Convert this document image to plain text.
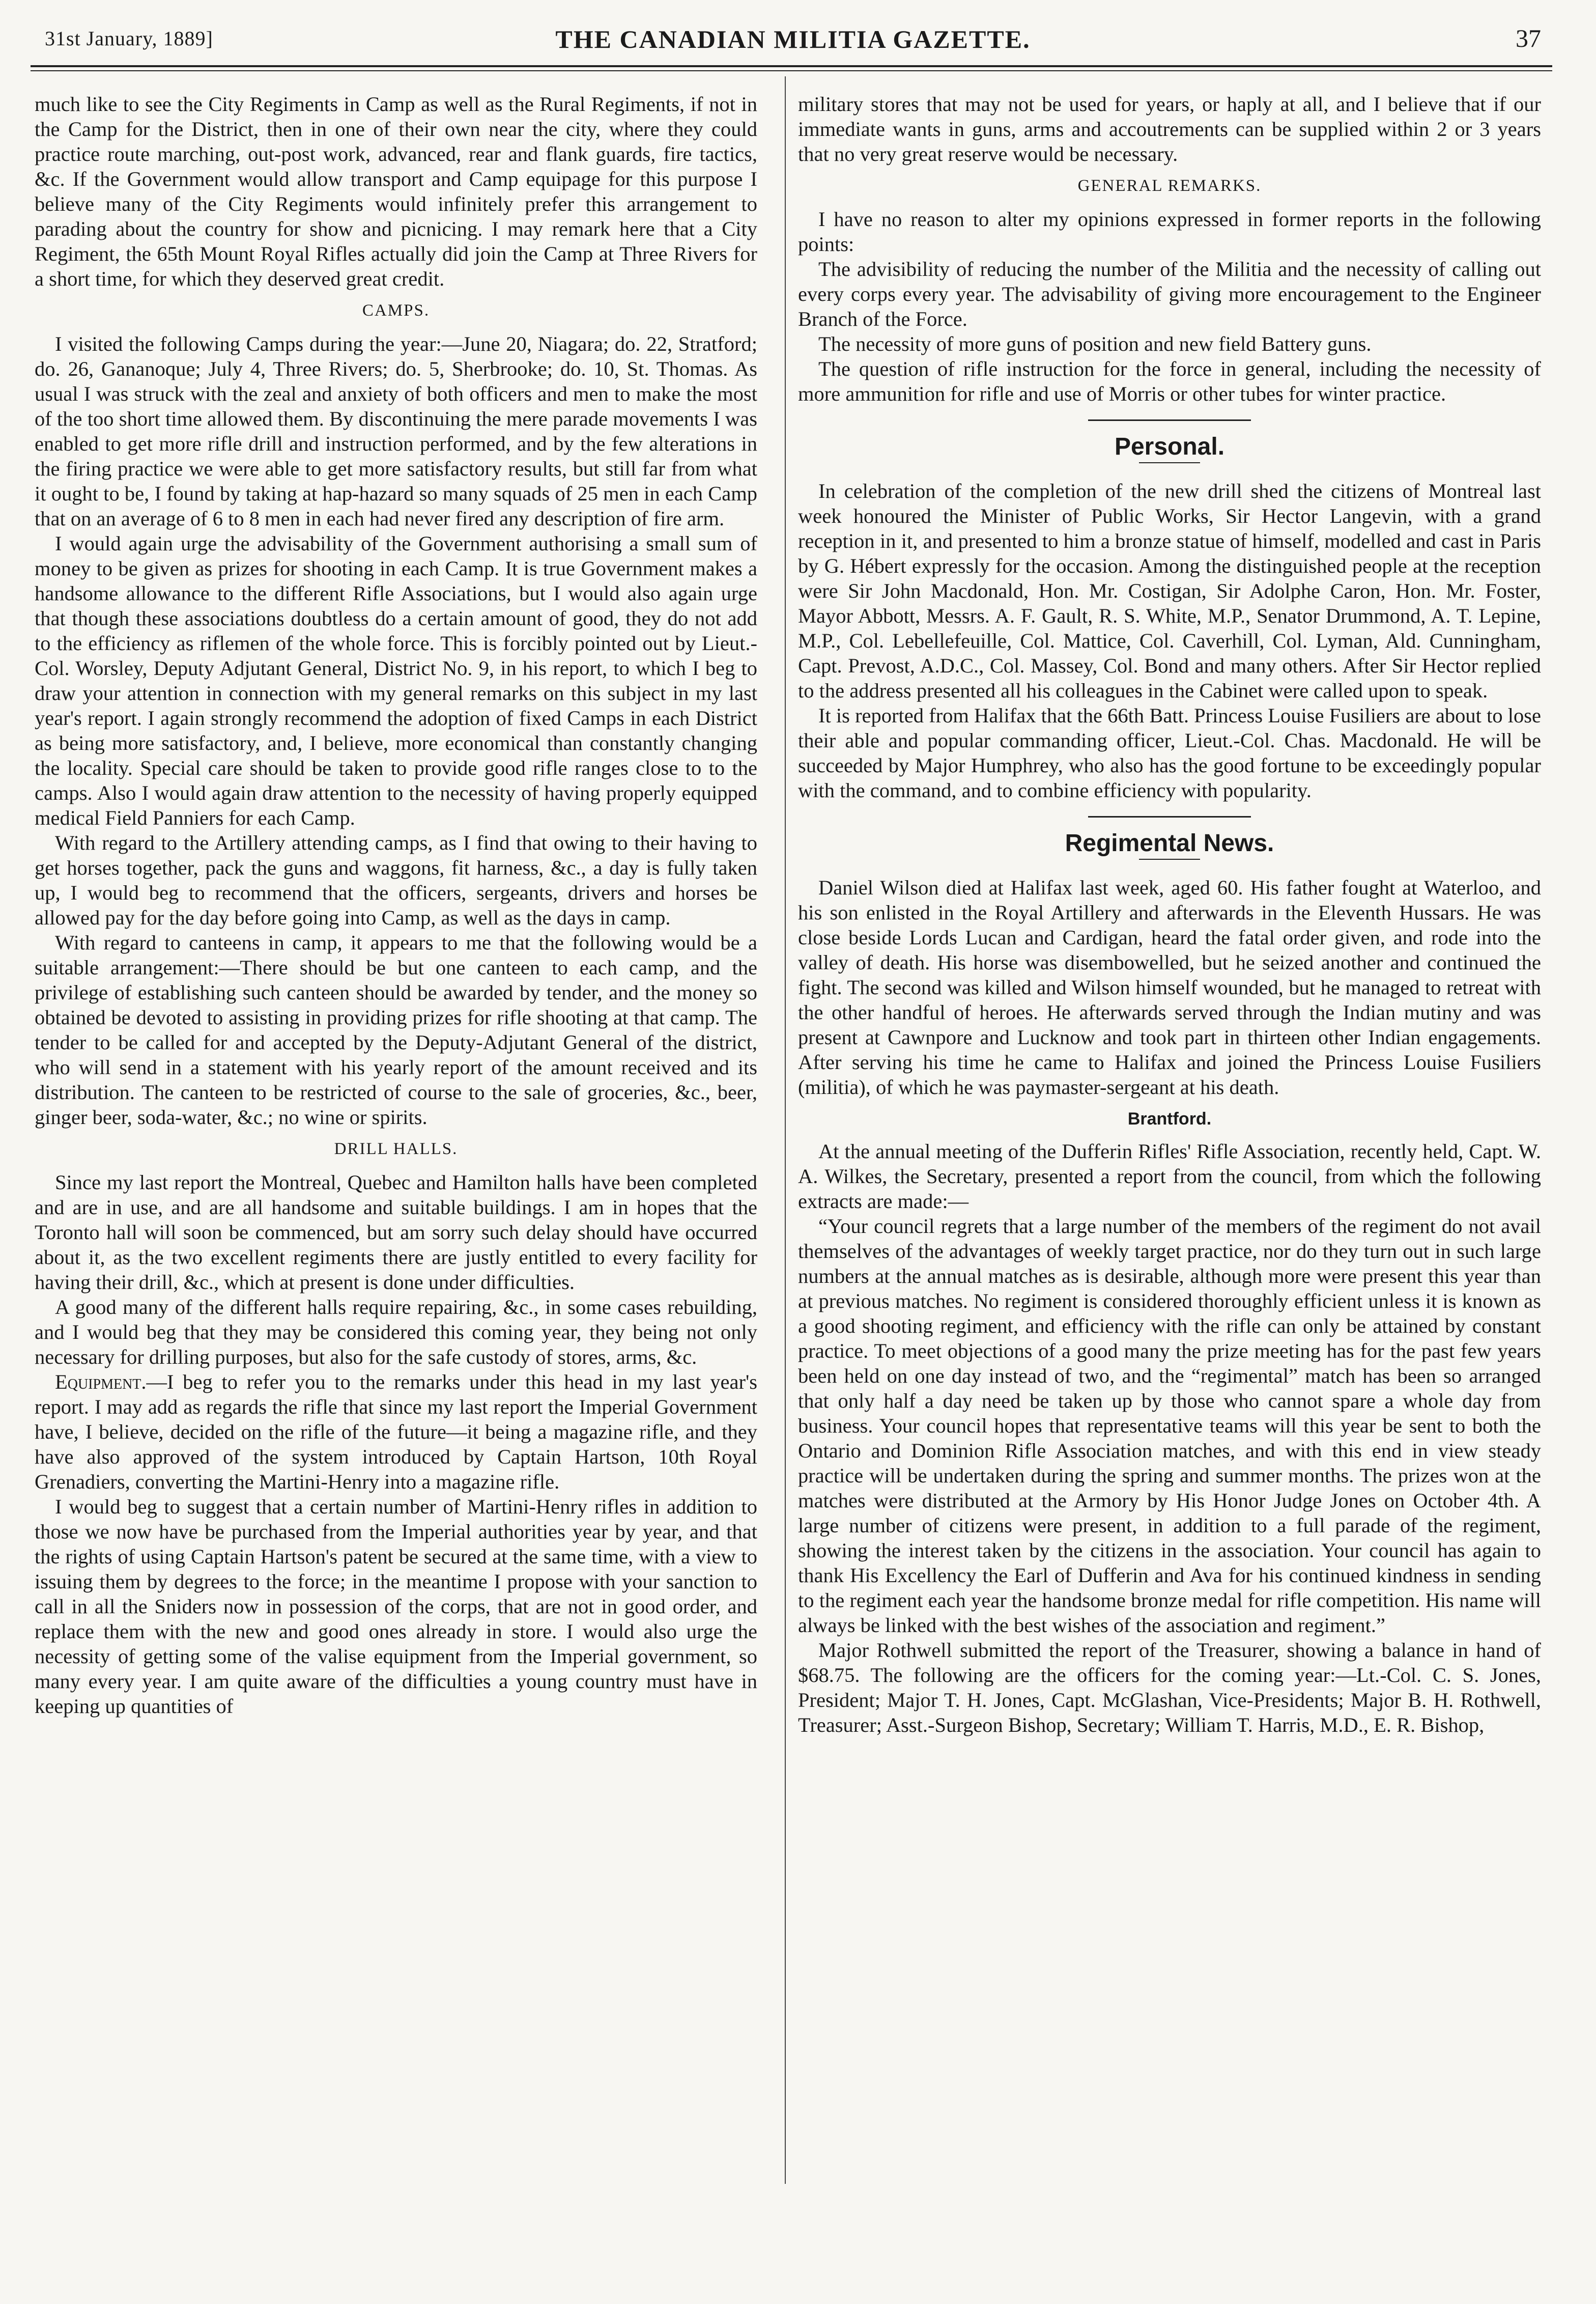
31st January, 1889]	THE CANADIAN MILITIA GAZETTE.	37

much like to see the City Regiments in Camp as well as the Rural Regiments, if not in the Camp for the District, then in one of their own near the city, where they could practice route marching, out-post work, advanced, rear and flank guards, fire tactics, &c. If the Government would allow transport and Camp equipage for this purpose I believe many of the City Regiments would infinitely prefer this arrangement to parading about the country for show and picnicing. I may remark here that a City Regiment, the 65th Mount Royal Rifles actually did join the Camp at Three Rivers for a short time, for which they deserved great credit.

CAMPS.

I visited the following Camps during the year:—June 20, Niagara; do. 22, Stratford; do. 26, Gananoque; July 4, Three Rivers; do. 5, Sherbrooke; do. 10, St. Thomas. As usual I was struck with the zeal and anxiety of both officers and men to make the most of the too short time allowed them. By discontinuing the mere parade movements I was enabled to get more rifle drill and instruction performed, and by the few alterations in the firing practice we were able to get more satisfactory results, but still far from what it ought to be, I found by taking at hap-hazard so many squads of 25 men in each Camp that on an average of 6 to 8 men in each had never fired any description of fire arm.

I would again urge the advisability of the Government authorising a small sum of money to be given as prizes for shooting in each Camp. It is true Government makes a handsome allowance to the different Rifle Associations, but I would also again urge that though these associations doubtless do a certain amount of good, they do not add to the efficiency as riflemen of the whole force. This is forcibly pointed out by Lieut.-Col. Worsley, Deputy Adjutant General, District No. 9, in his report, to which I beg to draw your attention in connection with my general remarks on this subject in my last year's report. I again strongly recommend the adoption of fixed Camps in each District as being more satisfactory, and, I believe, more economical than constantly changing the locality. Special care should be taken to provide good rifle ranges close to to the camps. Also I would again draw attention to the necessity of having properly equipped medical Field Panniers for each Camp.

With regard to the Artillery attending camps, as I find that owing to their having to get horses together, pack the guns and waggons, fit harness, &c., a day is fully taken up, I would beg to recommend that the officers, sergeants, drivers and horses be allowed pay for the day before going into Camp, as well as the days in camp.

With regard to canteens in camp, it appears to me that the following would be a suitable arrangement:—There should be but one canteen to each camp, and the privilege of establishing such canteen should be awarded by tender, and the money so obtained be devoted to assisting in providing prizes for rifle shooting at that camp. The tender to be called for and accepted by the Deputy-Adjutant General of the district, who will send in a statement with his yearly report of the amount received and its distribution. The canteen to be restricted of course to the sale of groceries, &c., beer, ginger beer, soda-water, &c.; no wine or spirits.

DRILL HALLS.

Since my last report the Montreal, Quebec and Hamilton halls have been completed and are in use, and are all handsome and suitable buildings. I am in hopes that the Toronto hall will soon be commenced, but am sorry such delay should have occurred about it, as the two excellent regiments there are justly entitled to every facility for having their drill, &c., which at present is done under difficulties.

A good many of the different halls require repairing, &c., in some cases rebuilding, and I would beg that they may be considered this coming year, they being not only necessary for drilling purposes, but also for the safe custody of stores, arms, &c.

Equipment.—I beg to refer you to the remarks under this head in my last year's report. I may add as regards the rifle that since my last report the Imperial Government have, I believe, decided on the rifle of the future—it being a magazine rifle, and they have also approved of the system introduced by Captain Hartson, 10th Royal Grenadiers, converting the Martini-Henry into a magazine rifle.

I would beg to suggest that a certain number of Martini-Henry rifles in addition to those we now have be purchased from the Imperial authorities year by year, and that the rights of using Captain Hartson's patent be secured at the same time, with a view to issuing them by degrees to the force; in the meantime I propose with your sanction to call in all the Sniders now in possession of the corps, that are not in good order, and replace them with the new and good ones already in store. I would also urge the necessity of getting some of the valise equipment from the Imperial government, so many every year. I am quite aware of the difficulties a young country must have in keeping up quantities of

military stores that may not be used for years, or haply at all, and I believe that if our immediate wants in guns, arms and accoutrements can be supplied within 2 or 3 years that no very great reserve would be necessary.

GENERAL REMARKS.

I have no reason to alter my opinions expressed in former reports in the following points:

The advisibility of reducing the number of the Militia and the necessity of calling out every corps every year. The advisability of giving more encouragement to the Engineer Branch of the Force.

The necessity of more guns of position and new field Battery guns.

The question of rifle instruction for the force in general, including the necessity of more ammunition for rifle and use of Morris or other tubes for winter practice.

Personal.

In celebration of the completion of the new drill shed the citizens of Montreal last week honoured the Minister of Public Works, Sir Hector Langevin, with a grand reception in it, and presented to him a bronze statue of himself, modelled and cast in Paris by G. Hébert expressly for the occasion. Among the distinguished people at the reception were Sir John Macdonald, Hon. Mr. Costigan, Sir Adolphe Caron, Hon. Mr. Foster, Mayor Abbott, Messrs. A. F. Gault, R. S. White, M.P., Senator Drummond, A. T. Lepine, M.P., Col. Lebellefeuille, Col. Mattice, Col. Caverhill, Col. Lyman, Ald. Cunningham, Capt. Prevost, A.D.C., Col. Massey, Col. Bond and many others. After Sir Hector replied to the address presented all his colleagues in the Cabinet were called upon to speak.

It is reported from Halifax that the 66th Batt. Princess Louise Fusiliers are about to lose their able and popular commanding officer, Lieut.-Col. Chas. Macdonald. He will be succeeded by Major Humphrey, who also has the good fortune to be exceedingly popular with the command, and to combine efficiency with popularity.

Regimental News.

Daniel Wilson died at Halifax last week, aged 60. His father fought at Waterloo, and his son enlisted in the Royal Artillery and afterwards in the Eleventh Hussars. He was close beside Lords Lucan and Cardigan, heard the fatal order given, and rode into the valley of death. His horse was disembowelled, but he seized another and continued the fight. The second was killed and Wilson himself wounded, but he managed to retreat with the other handful of heroes. He afterwards served through the Indian mutiny and was present at Cawnpore and Lucknow and took part in thirteen other Indian engagements. After serving his time he came to Halifax and joined the Princess Louise Fusiliers (militia), of which he was paymaster-sergeant at his death.

Brantford.

At the annual meeting of the Dufferin Rifles' Rifle Association, recently held, Capt. W. A. Wilkes, the Secretary, presented a report from the council, from which the following extracts are made:—

“Your council regrets that a large number of the members of the regiment do not avail themselves of the advantages of weekly target practice, nor do they turn out in such large numbers at the annual matches as is desirable, although more were present this year than at previous matches. No regiment is considered thoroughly efficient unless it is known as a good shooting regiment, and efficiency with the rifle can only be attained by constant practice. To meet objections of a good many the prize meeting has for the past few years been held on one day instead of two, and the “regimental” match has been so arranged that only half a day need be taken up by those who cannot spare a whole day from business. Your council hopes that representative teams will this year be sent to both the Ontario and Dominion Rifle Association matches, and with this end in view steady practice will be undertaken during the spring and summer months. The prizes won at the matches were distributed at the Armory by His Honor Judge Jones on October 4th. A large number of citizens were present, in addition to a full parade of the regiment, showing the interest taken by the citizens in the association. Your council has again to thank His Excellency the Earl of Dufferin and Ava for his continued kindness in sending to the regiment each year the handsome bronze medal for rifle competition. His name will always be linked with the best wishes of the association and regiment.”

Major Rothwell submitted the report of the Treasurer, showing a balance in hand of $68.75. The following are the officers for the coming year:—Lt.-Col. C. S. Jones, President; Major T. H. Jones, Capt. McGlashan, Vice-Presidents; Major B. H. Rothwell, Treasurer; Asst.-Surgeon Bishop, Secretary; William T. Harris, M.D., E. R. Bishop,
